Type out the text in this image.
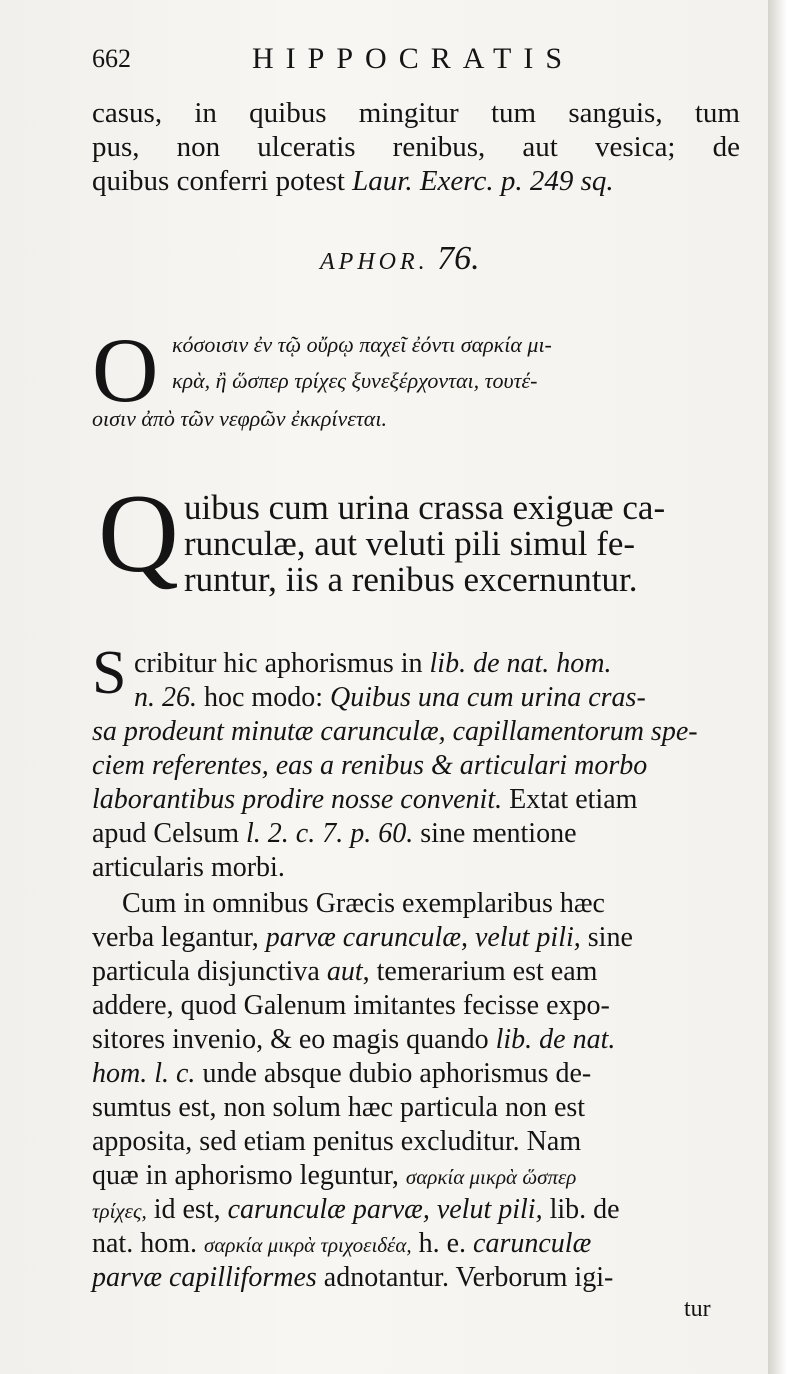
662	HIPPOCRATIS
casus, in quibus mingitur tum sanguis, tum
pus, non ulceratis renibus, aut vesica; de
quibus conferri potest Laur. Exerc. p. 249 sq.
APHOR. 76.
O κόσοισιν ἐν τῷ οὔρῳ παχεῖ ἐόντι σαρκία μι-
κρὰ, ἢ ὥσπερ τρίχες ξυνεξέρχονται, τουτέ-
οισιν ἀπὸ τῶν νεφρῶν ἐκκρίνεται.
Q uibus cum urina crassa exiguæ ca-
runculæ, aut veluti pili simul fe-
runtur, iis a renibus excernuntur.
S cribitur hic aphorismus in lib. de nat. hom.
n. 26. hoc modo: Quibus una cum urina cras-
sa prodeunt minutæ carunculæ, capillamentorum spe-
ciem referentes, eas a renibus & articulari morbo
laborantibus prodire nosse convenit. Extat etiam
apud Celsum l. 2. c. 7. p. 60. sine mentione
articularis morbi.
Cum in omnibus Græcis exemplaribus hæc
verba legantur, parvæ carunculæ, velut pili, sine
particula disjunctiva aut, temerarium est eam
addere, quod Galenum imitantes fecisse expo-
sitores invenio, & eo magis quando lib. de nat.
hom. l. c. unde absque dubio aphorismus de-
sumtus est, non solum hæc particula non est
apposita, sed etiam penitus excluditur. Nam
quæ in aphorismo leguntur, σαρκία μικρὰ ὥσπερ
τρίχες, id est, carunculæ parvæ, velut pili, lib. de
nat. hom. σαρκία μικρὰ τριχοειδέα, h. e. carunculæ
parvæ capilliformes adnotantur. Verborum igi-
tur
